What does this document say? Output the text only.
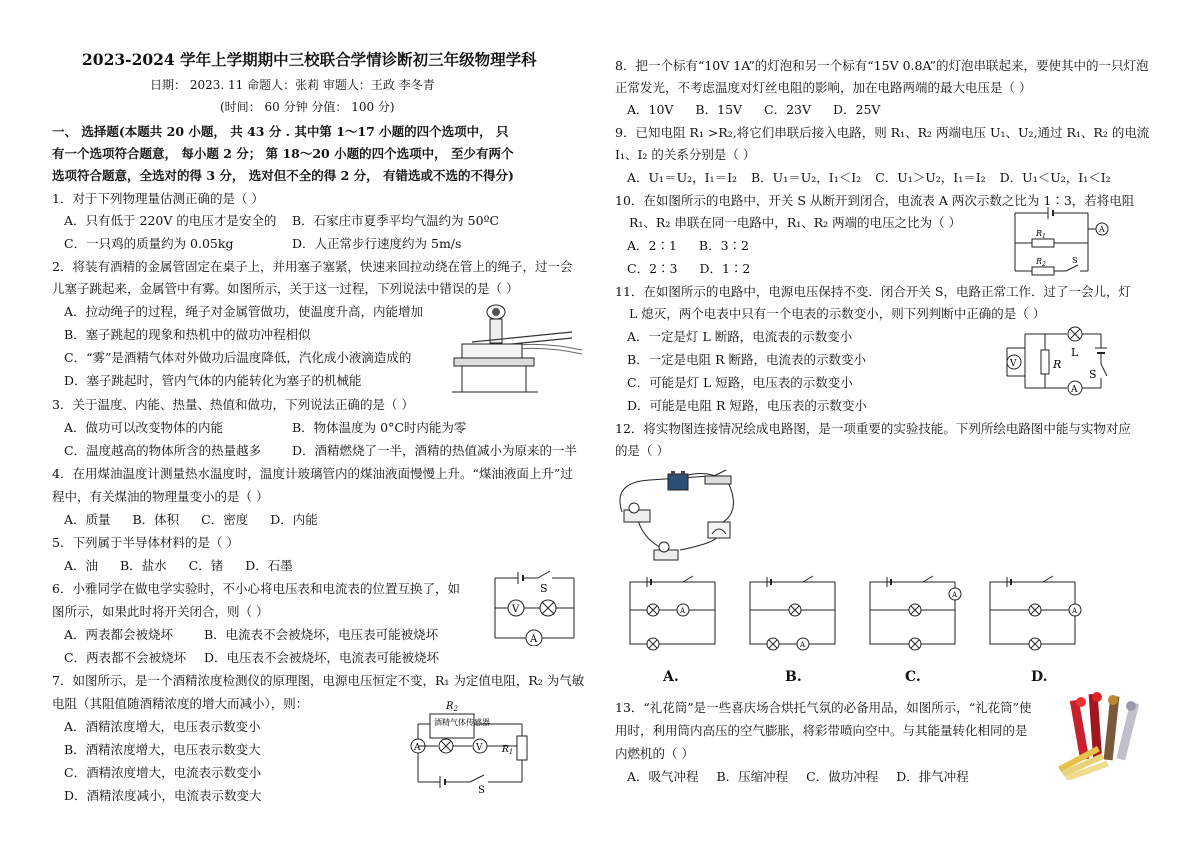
2023-2024 学年上学期期中三校联合学情诊断初三年级物理学科
日期： 2023. 11 命题人：张莉 审题人：王政 李冬青
(时间： 60 分钟 分值： 100 分)
一、 选择题(本题共 20 小题， 共 43 分 . 其中第 1～17 小题的四个选项中， 只
有一个选项符合题意， 每小题 2 分； 第 18～20 小题的四个选项中， 至少有两个
选项符合题意，全选对的得 3 分， 选对但不全的得 2 分， 有错选或不选的不得分)
1．对于下列物理量估测正确的是（ ）
A．只有低于 220V 的电压才是安全的 B．石家庄市夏季平均气温约为 50ºC
C．一只鸡的质量约为 0.05kg	D．人正常步行速度约为 5m/s
2．将装有酒精的金属管固定在桌子上，并用塞子塞紧，快速来回拉动绕在管上的绳子，过一会
儿塞子跳起来，金属管中有雾。如图所示，关于这一过程，下列说法中错误的是（ ）
A．拉动绳子的过程，绳子对金属管做功，使温度升高，内能增加
B．塞子跳起的现象和热机中的做功冲程相似
C．“雾”是酒精气体对外做功后温度降低，汽化成小液滴造成的
D．塞子跳起时，管内气体的内能转化为塞子的机械能
3．关于温度、内能、热量、热值和做功，下列说法正确的是（ ）
A．做功可以改变物体的内能	B．物体温度为 0°C时内能为零
C．温度越高的物体所含的热量越多 D．酒精燃烧了一半，酒精的热值减小为原来的一半
4．在用煤油温度计测量热水温度时，温度计玻璃管内的煤油液面慢慢上升。“煤油液面上升”过
程中，有关煤油的物理量变小的是（ ）
A．质量 B．体积 C．密度 D．内能
5．下列属于半导体材料的是（ ）
A．油 B．盐水 C．锗 D．石墨
6．小雅同学在做电学实验时，不小心将电压表和电流表的位置互换了，如
图所示，如果此时将开关闭合，则（ ）
A．两表都会被烧坏 B．电流表不会被烧坏，电压表可能被烧坏
C．两表都不会被烧坏 D．电压表不会被烧坏，电流表可能被烧坏
S
V
A
7．如图所示，是一个酒精浓度检测仪的原理图，电源电压恒定不变，R₁ 为定值电阻，R₂ 为气敏
电阻（其阻值随酒精浓度的增大而减小），则：
A．酒精浓度增大，电压表示数变小
B．酒精浓度增大，电压表示数变大
C．酒精浓度增大，电流表示数变小
D．酒精浓度减小，电流表示数变大
$R_2$
酒精气体传感器
A	V $R_1$
S
8．把一个标有“10V 1A”的灯泡和另一个标有“15V 0.8A”的灯泡串联起来，要使其中的一只灯泡
正常发光，不考虑温度对灯丝电阻的影响，加在电路两端的最大电压是（ ）
A．10V B．15V C．23V D．25V
9．已知电阻 R₁ >R₂,将它们串联后接入电路，则 R₁、R₂ 两端电压 U₁、U₂,通过 R₁、R₂ 的电流
I₁、I₂ 的关系分别是（ ）
A．U₁＝U₂，I₁＝I₂ B．U₁＝U₂，I₁＜I₂ C．U₁＞U₂，I₁＝I₂ D．U₁＜U₂，I₁＜I₂
10．在如图所示的电路中，开关 S 从断开到闭合，电流表 A 两次示数之比为 1∶3，若将电阻
R₁、R₂ 串联在同一电路中，R₁、R₂ 两端的电压之比为（ ）
A．2∶1 B．3∶2
C．2∶3 D．1∶2
$R_1$
A
$R_2$	S
11．在如图所示的电路中，电源电压保持不变．闭合开关 S，电路正常工作．过了一会儿，灯
L 熄灭，两个电表中只有一个电表的示数变小，则下列判断中正确的是（ ）
A．一定是灯 L 断路，电流表的示数变小
B．一定是电阻 R 断路，电流表的示数变小
C．可能是灯 L 短路，电压表的示数变小
D．可能是电阻 R 短路，电压表的示数变小
L
S
A
V	R
12．将实物图连接情况绘成电路图，是一项重要的实验技能。下列所绘电路图中能与实物对应
的是（ ）
A
A
A
A
A.	B.	C.	D.
13．“礼花筒”是一些喜庆场合烘托气氛的必备用品，如图所示，“礼花筒”使
用时，利用筒内高压的空气膨胀，将彩带喷向空中。与其能量转化相同的是
内燃机的（ ）
A．吸气冲程 B．压缩冲程 C．做功冲程 D．排气冲程
